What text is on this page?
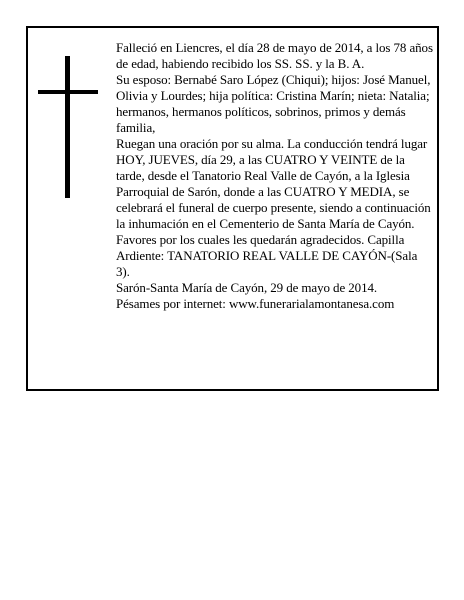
Falleció en Liencres, el día 28 de mayo de 2014, a los 78 años de edad, habiendo recibido los SS. SS. y la B. A.

Su esposo: Bernabé Saro López (Chiqui); hijos: José Manuel, Olivia y Lourdes; hija política: Cristina Marín; nieta: Natalia; hermanos, hermanos políticos, sobrinos, primos y demás familia,

Ruegan una oración por su alma. La conducción tendrá lugar HOY, JUEVES, día 29, a las CUATRO Y VEINTE de la tarde, desde el Tanatorio Real Valle de Cayón, a la Iglesia Parroquial de Sarón, donde a las CUATRO Y MEDIA, se celebrará el funeral de cuerpo presente, siendo a continuación la inhumación en el Cementerio de Santa María de Cayón. Favores por los cuales les quedarán agradecidos. Capilla Ardiente: TANATORIO REAL VALLE DE CAYÓN-(Sala 3).

Sarón-Santa María de Cayón, 29 de mayo de 2014.

Pésames por internet: www.funerarialamontanesa.com
